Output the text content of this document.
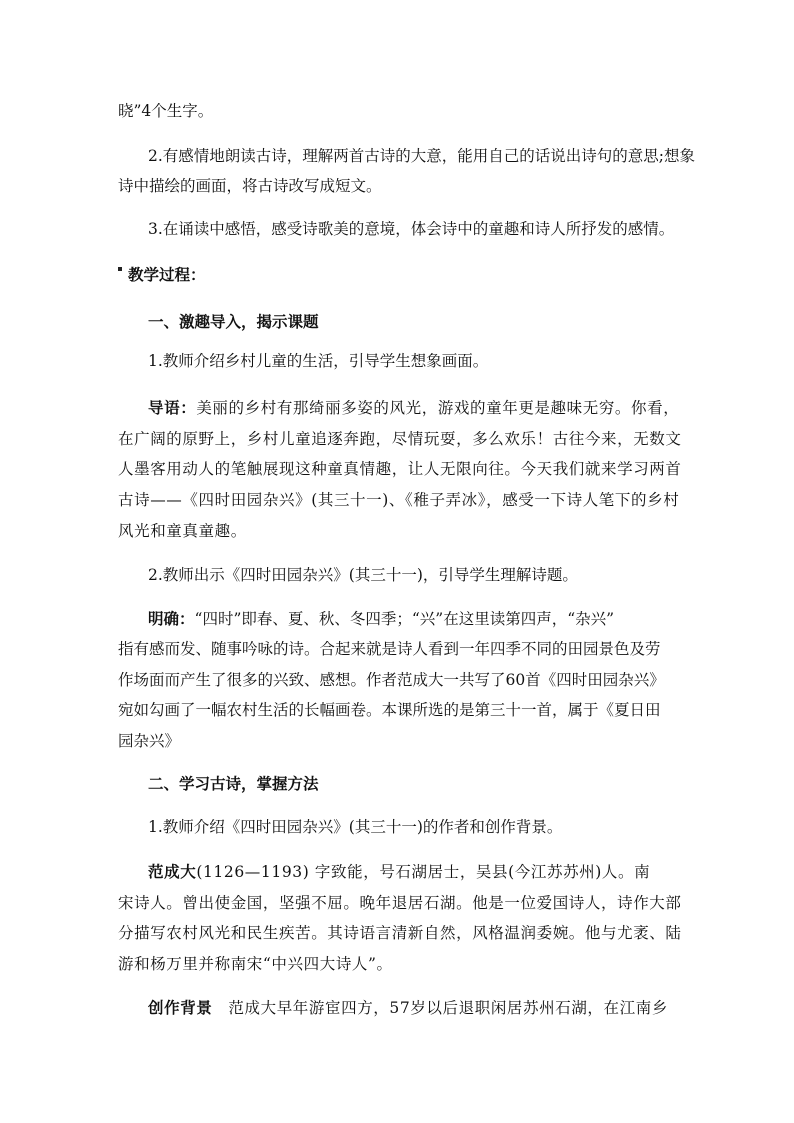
晓”4个生字。
2.有感情地朗读古诗，理解两首古诗的大意，能用自己的话说出诗句的意思;想象
诗中描绘的画面，将古诗改写成短文。
3.在诵读中感悟，感受诗歌美的意境，体会诗中的童趣和诗人所抒发的感情。
教学过程：
一、激趣导入，揭示课题
1.教师介绍乡村儿童的生活，引导学生想象画面。
导语：美丽的乡村有那绮丽多姿的风光，游戏的童年更是趣味无穷。你看，
在广阔的原野上，乡村儿童追逐奔跑，尽情玩耍，多么欢乐！古往今来，无数文
人墨客用动人的笔触展现这种童真情趣，让人无限向往。今天我们就来学习两首
古诗——《四时田园杂兴》(其三十一)、《稚子弄冰》，感受一下诗人笔下的乡村
风光和童真童趣。
2.教师出示《四时田园杂兴》(其三十一)，引导学生理解诗题。
明确：“四时”即春、夏、秋、冬四季；“兴”在这里读第四声，“杂兴”
指有感而发、随事吟咏的诗。合起来就是诗人看到一年四季不同的田园景色及劳
作场面而产生了很多的兴致、感想。作者范成大一共写了60首《四时田园杂兴》
宛如勾画了一幅农村生活的长幅画卷。本课所选的是第三十一首，属于《夏日田
园杂兴》
二、学习古诗，掌握方法
1.教师介绍《四时田园杂兴》(其三十一)的作者和创作背景。
范成大(1126—1193) 字致能，号石湖居士，吴县(今江苏苏州)人。南
宋诗人。曾出使金国，坚强不屈。晚年退居石湖。他是一位爱国诗人，诗作大部
分描写农村风光和民生疾苦。其诗语言清新自然，风格温润委婉。他与尤袤、陆
游和杨万里并称南宋“中兴四大诗人”。
创作背景 范成大早年游宦四方，57岁以后退职闲居苏州石湖，在江南乡
